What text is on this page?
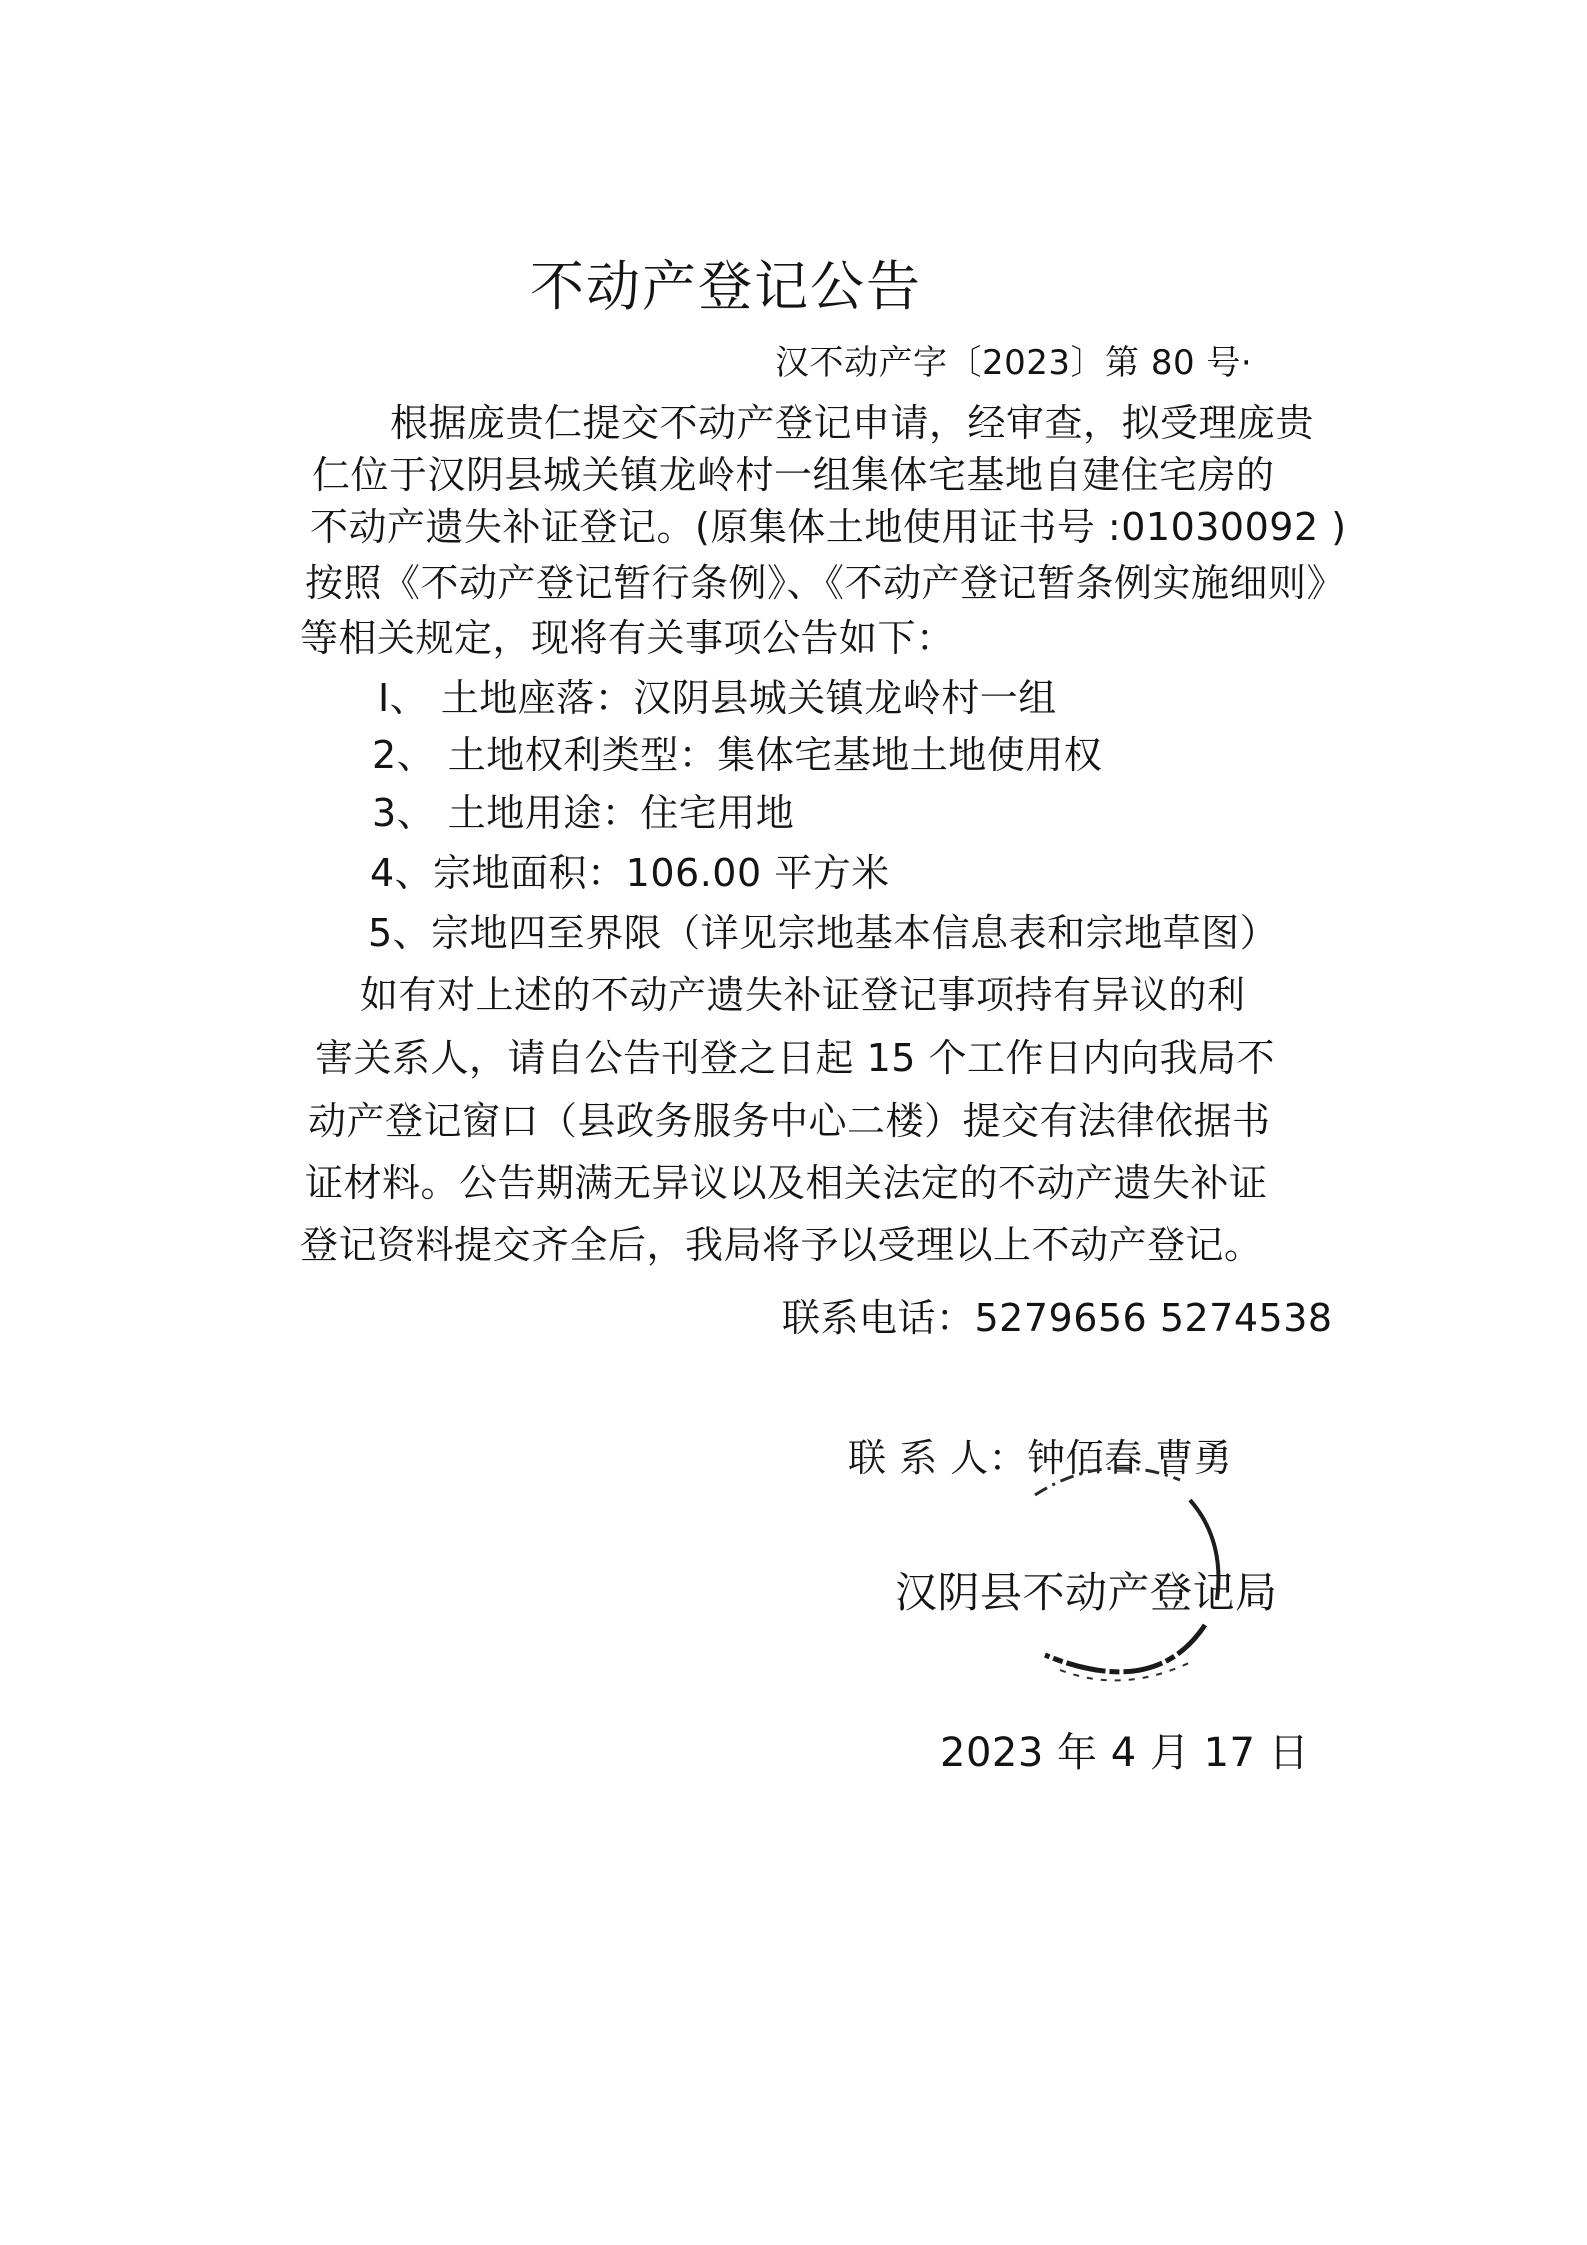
不动产登记公告
汉不动产字〔2023〕第 80 号·
根据庞贵仁提交不动产登记申请，经审查，拟受理庞贵
仁位于汉阴县城关镇龙岭村一组集体宅基地自建住宅房的
不动产遗失补证登记。(原集体土地使用证书号 :01030092 )
按照《不动产登记暂行条例》、《不动产登记暂条例实施细则》
等相关规定，现将有关事项公告如下：
I、 土地座落：汉阴县城关镇龙岭村一组
2、 土地权利类型：集体宅基地土地使用权
3、 土地用途：住宅用地
4、宗地面积：106.00 平方米
5、宗地四至界限（详见宗地基本信息表和宗地草图）
如有对上述的不动产遗失补证登记事项持有异议的利
害关系人，请自公告刊登之日起 15 个工作日内向我局不
动产登记窗口（县政务服务中心二楼）提交有法律依据书
证材料。公告期满无异议以及相关法定的不动产遗失补证
登记资料提交齐全后，我局将予以受理以上不动产登记。
联系电话：5279656 5274538
联 系 人：钟佰春 曹勇
汉阴县不动产登记局
2023 年 4 月 17 日
